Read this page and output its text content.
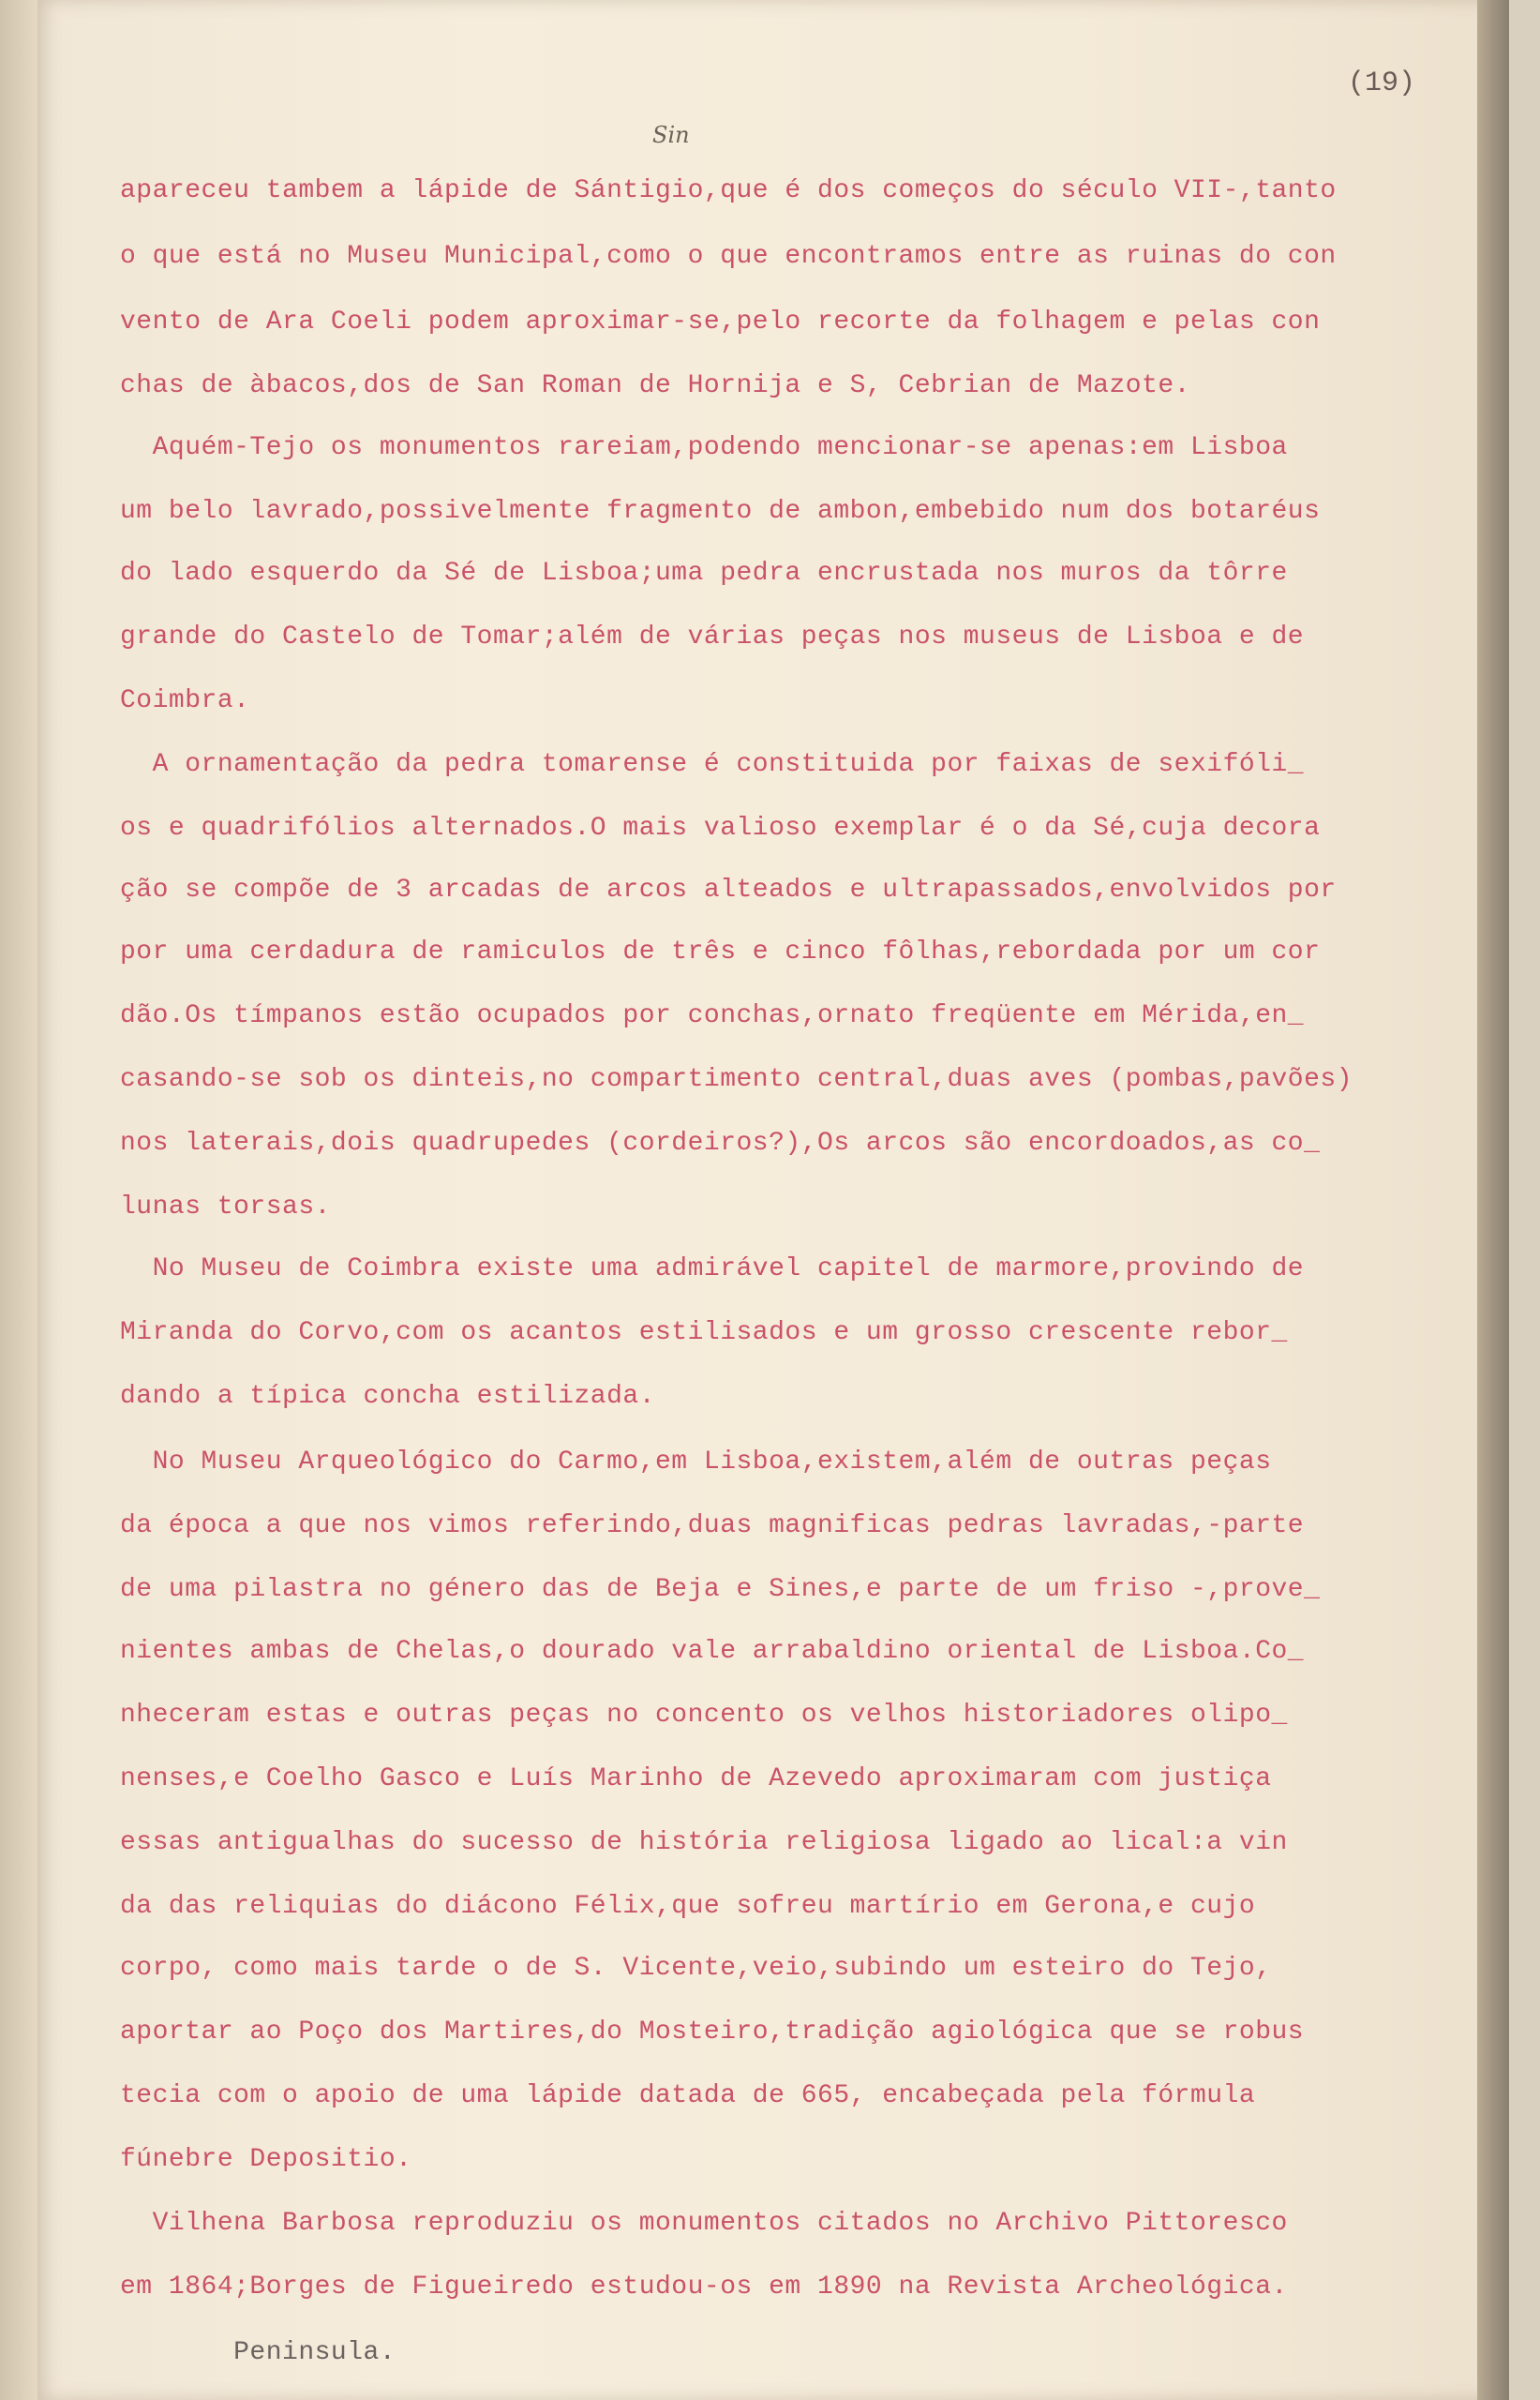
(19)
Sin
apareceu tambem a lápide de Sántigio,que é dos começos do século VII-,tanto
o que está no Museu Municipal,como o que encontramos entre as ruinas do con
vento de Ara Coeli podem aproximar-se,pelo recorte da folhagem e pelas con
chas de àbacos,dos de San Roman de Hornija e S, Cebrian de Mazote.
Aquém-Tejo os monumentos rareiam,podendo mencionar-se apenas:em Lisboa
um belo lavrado,possivelmente fragmento de ambon,embebido num dos botaréus
do lado esquerdo da Sé de Lisboa;uma pedra encrustada nos muros da tôrre
grande do Castelo de Tomar;além de várias peças nos museus de Lisboa e de
Coimbra.
A ornamentação da pedra tomarense é constituida por faixas de sexifóli_
os e quadrifólios alternados.O mais valioso exemplar é o da Sé,cuja decora
ção se compõe de 3 arcadas de arcos alteados e ultrapassados,envolvidos por
por uma cerdadura de ramiculos de três e cinco fôlhas,rebordada por um cor
dão.Os tímpanos estão ocupados por conchas,ornato freqüente em Mérida,en_
casando-se sob os dinteis,no compartimento central,duas aves (pombas,pavões)
nos laterais,dois quadrupedes (cordeiros?),Os arcos são encordoados,as co_
lunas torsas.
No Museu de Coimbra existe uma admirável capitel de marmore,provindo de
Miranda do Corvo,com os acantos estilisados e um grosso crescente rebor_
dando a típica concha estilizada.
No Museu Arqueológico do Carmo,em Lisboa,existem,além de outras peças
da época a que nos vimos referindo,duas magnificas pedras lavradas,-parte
de uma pilastra no género das de Beja e Sines,e parte de um friso -,prove_
nientes ambas de Chelas,o dourado vale arrabaldino oriental de Lisboa.Co_
nheceram estas e outras peças no concento os velhos historiadores olipo_
nenses,e Coelho Gasco e Luís Marinho de Azevedo aproximaram com justiça
essas antigualhas do sucesso de história religiosa ligado ao lical:a vin
da das reliquias do diácono Félix,que sofreu martírio em Gerona,e cujo
corpo, como mais tarde o de S. Vicente,veio,subindo um esteiro do Tejo,
aportar ao Poço dos Martires,do Mosteiro,tradição agiológica que se robus
tecia com o apoio de uma lápide datada de 665, encabeçada pela fórmula
fúnebre Depositio.
Vilhena Barbosa reproduziu os monumentos citados no Archivo Pittoresco
em 1864;Borges de Figueiredo estudou-os em 1890 na Revista Archeológica.
Peninsula.
